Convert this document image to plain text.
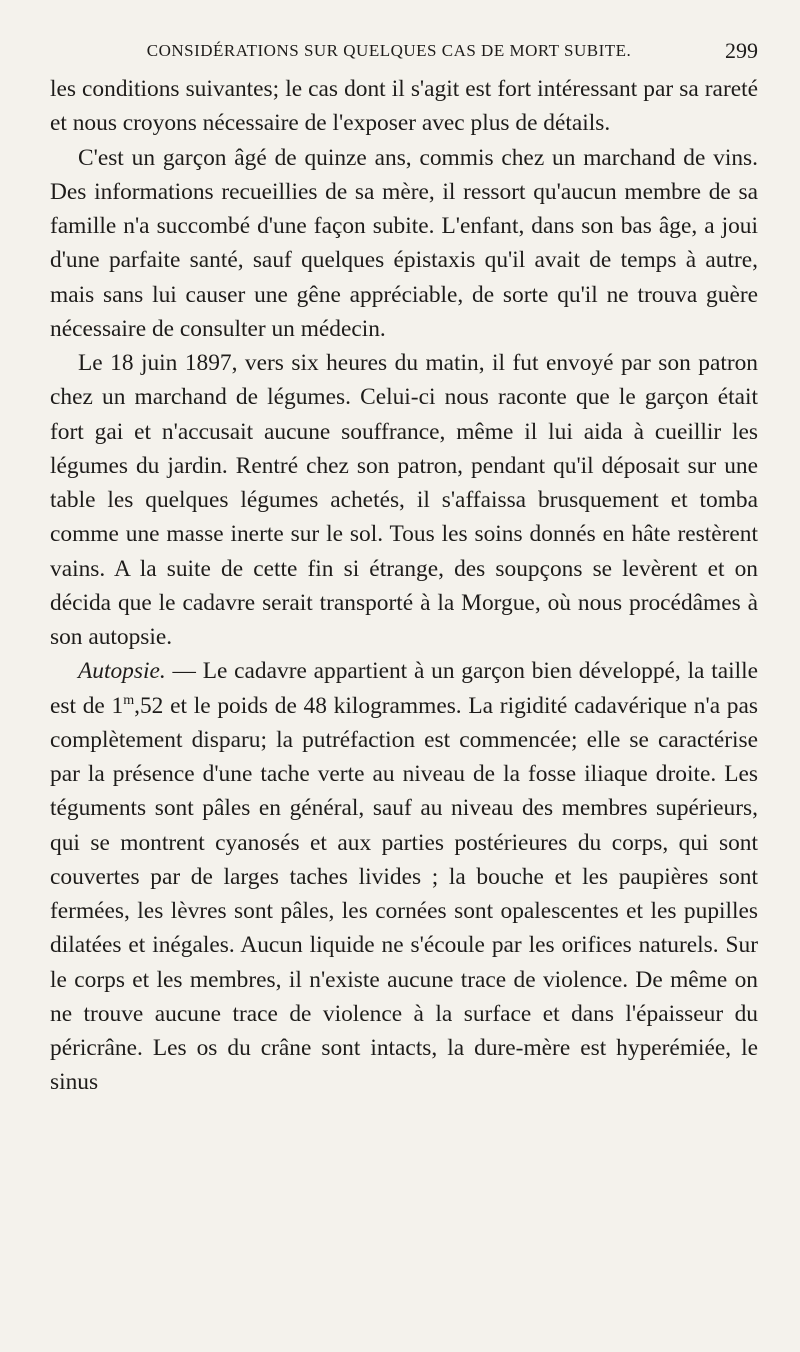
CONSIDÉRATIONS SUR QUELQUES CAS DE MORT SUBITE.	299

les conditions suivantes; le cas dont il s'agit est fort intéressant par sa rareté et nous croyons nécessaire de l'exposer avec plus de détails.

C'est un garçon âgé de quinze ans, commis chez un marchand de vins. Des informations recueillies de sa mère, il ressort qu'aucun membre de sa famille n'a succombé d'une façon subite. L'enfant, dans son bas âge, a joui d'une parfaite santé, sauf quelques épistaxis qu'il avait de temps à autre, mais sans lui causer une gêne appréciable, de sorte qu'il ne trouva guère nécessaire de consulter un médecin.

Le 18 juin 1897, vers six heures du matin, il fut envoyé par son patron chez un marchand de légumes. Celui-ci nous raconte que le garçon était fort gai et n'accusait aucune souffrance, même il lui aida à cueillir les légumes du jardin. Rentré chez son patron, pendant qu'il déposait sur une table les quelques légumes achetés, il s'affaissa brusquement et tomba comme une masse inerte sur le sol. Tous les soins donnés en hâte restèrent vains. A la suite de cette fin si étrange, des soupçons se levèrent et on décida que le cadavre serait transporté à la Morgue, où nous procédâmes à son autopsie.

Autopsie. — Le cadavre appartient à un garçon bien développé, la taille est de 1$^m$,52 et le poids de 48 kilogrammes. La rigidité cadavérique n'a pas complètement disparu; la putréfaction est commencée; elle se caractérise par la présence d'une tache verte au niveau de la fosse iliaque droite. Les téguments sont pâles en général, sauf au niveau des membres supérieurs, qui se montrent cyanosés et aux parties postérieures du corps, qui sont couvertes par de larges taches livides ; la bouche et les paupières sont fermées, les lèvres sont pâles, les cornées sont opalescentes et les pupilles dilatées et inégales. Aucun liquide ne s'écoule par les orifices naturels. Sur le corps et les membres, il n'existe aucune trace de violence. De même on ne trouve aucune trace de violence à la surface et dans l'épaisseur du péricrâne. Les os du crâne sont intacts, la dure-mère est hyperémiée, le sinus
